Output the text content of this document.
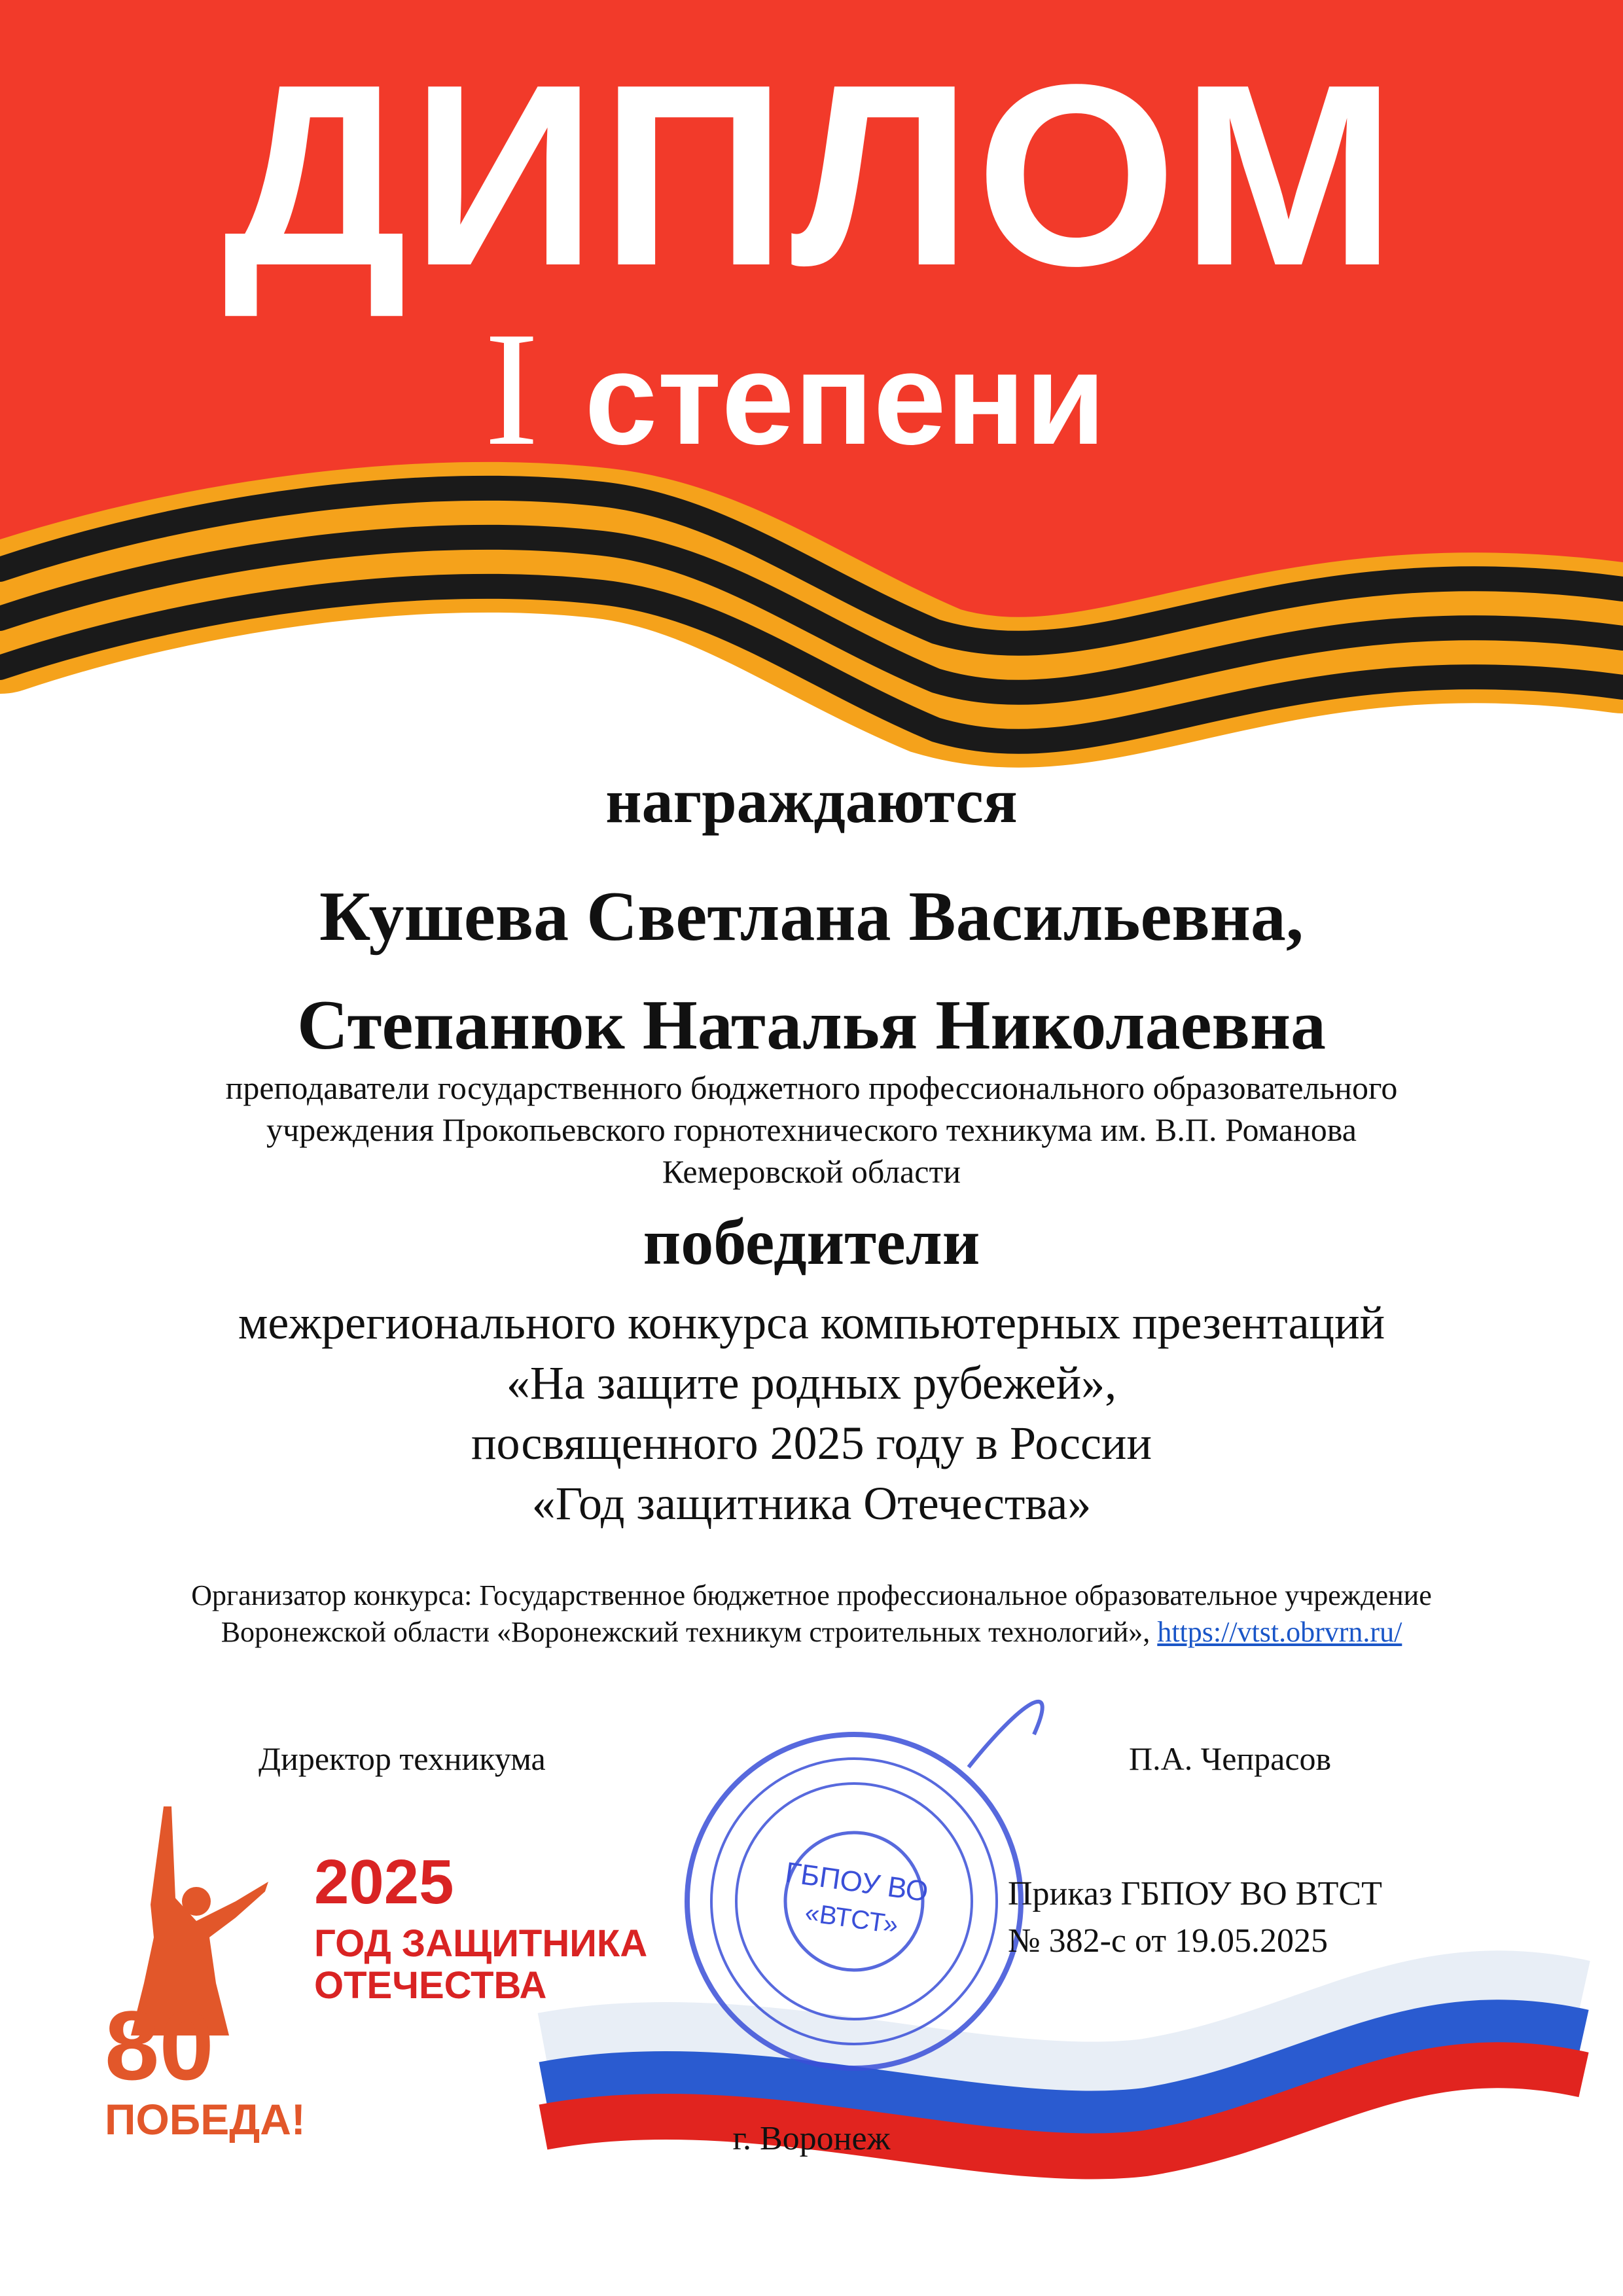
ГБПОУ ВО
«ВТСТ»
ДИПЛОМ
I степени
награждаются
Кушева Светлана Васильевна,
Степанюк Наталья Николаевна
преподаватели государственного бюджетного профессионального образовательного
учреждения Прокопьевского горнотехнического техникума им. В.П. Романова
Кемеровской области
победители
межрегионального конкурса компьютерных презентаций
«На защите родных рубежей»,
посвященного 2025 году в России
«Год защитника Отечества»
Организатор конкурса: Государственное бюджетное профессиональное образовательное учреждение
Воронежской области «Воронежский техникум строительных технологий», https://vtst.obrvrn.ru/
Директор техникума	П.А. Чепрасов
Приказ ГБПОУ ВО ВТСТ
№ 382-с от 19.05.2025
2025
ГОД ЗАЩИТНИКА
ОТЕЧЕСТВА
80
ПОБЕДА!	г. Воронеж
